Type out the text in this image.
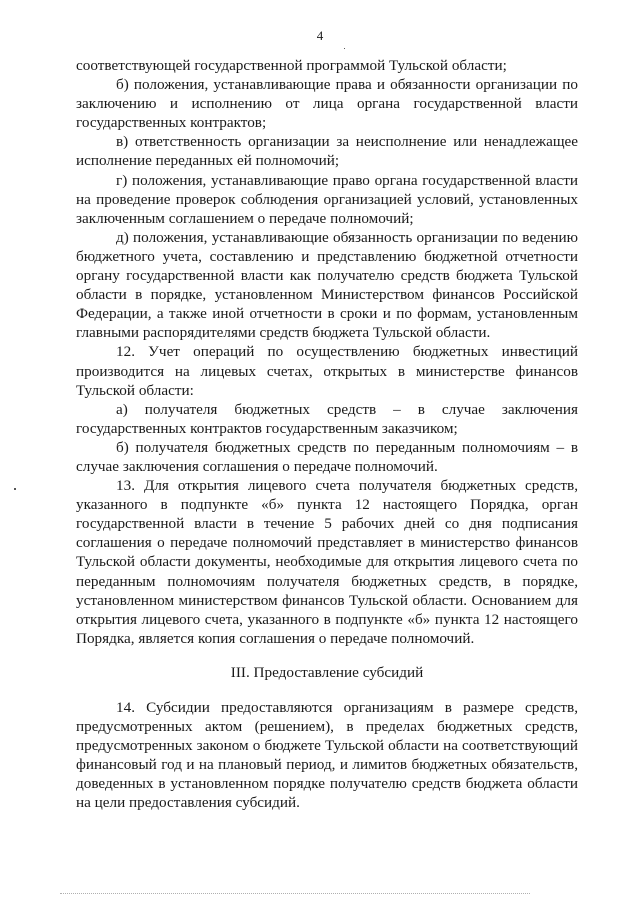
4

соответствующей государственной программой Тульской области;

б) положения, устанавливающие права и обязанности организации по заключению и исполнению от лица органа государственной власти государственных контрактов;

в) ответственность организации за неисполнение или ненадлежащее исполнение переданных ей полномочий;

г) положения, устанавливающие право органа государственной власти на проведение проверок соблюдения организацией условий, установленных заключенным соглашением о передаче полномочий;

д) положения, устанавливающие обязанность организации по ведению бюджетного учета, составлению и представлению бюджетной отчетности органу государственной власти как получателю средств бюджета Тульской области в порядке, установленном Министерством финансов Российской Федерации, а также иной отчетности в сроки и по формам, установленным главными распорядителями средств бюджета Тульской области.

12. Учет операций по осуществлению бюджетных инвестиций производится на лицевых счетах, открытых в министерстве финансов Тульской области:

а) получателя бюджетных средств – в случае заключения государственных контрактов государственным заказчиком;

б) получателя бюджетных средств по переданным полномочиям – в случае заключения соглашения о передаче полномочий.

13. Для открытия лицевого счета получателя бюджетных средств, указанного в подпункте «б» пункта 12 настоящего Порядка, орган государственной власти в течение 5 рабочих дней со дня подписания соглашения о передаче полномочий представляет в министерство финансов Тульской области документы, необходимые для открытия лицевого счета по переданным полномочиям получателя бюджетных средств, в порядке, установленном министерством финансов Тульской области. Основанием для открытия лицевого счета, указанного в подпункте «б» пункта 12 настоящего Порядка, является копия соглашения о передаче полномочий.

III. Предоставление субсидий

14. Субсидии предоставляются организациям в размере средств, предусмотренных актом (решением), в пределах бюджетных средств, предусмотренных законом о бюджете Тульской области на соответствующий финансовый год и на плановый период, и лимитов бюджетных обязательств, доведенных в установленном порядке получателю средств бюджета области на цели предоставления субсидий.
